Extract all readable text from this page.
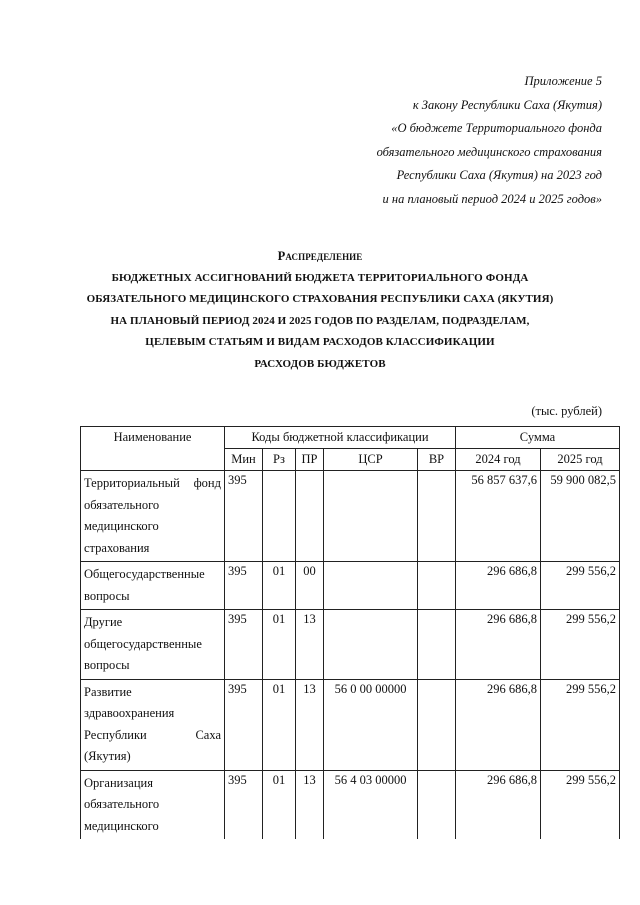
Приложение 5
к Закону Республики Саха (Якутия)
«О бюджете Территориального фонда
обязательного медицинского страхования
Республики Саха (Якутия) на 2023 год
и на плановый период 2024 и 2025 годов»
Распределение
БЮДЖЕТНЫХ АССИГНОВАНИЙ БЮДЖЕТА ТЕРРИТОРИАЛЬНОГО ФОНДА
ОБЯЗАТЕЛЬНОГО МЕДИЦИНСКОГО СТРАХОВАНИЯ РЕСПУБЛИКИ САХА (ЯКУТИЯ)
НА ПЛАНОВЫЙ ПЕРИОД 2024 И 2025 ГОДОВ ПО РАЗДЕЛАМ, ПОДРАЗДЕЛАМ,
ЦЕЛЕВЫМ СТАТЬЯМ И ВИДАМ РАСХОДОВ КЛАССИФИКАЦИИ
РАСХОДОВ БЮДЖЕТОВ
(тыс. рублей)
Наименование	Коды бюджетной классификации					Сумма	
	Мин	Рз	ПР	ЦСР	ВР	2024 год	2025 год
Территориальный фонд обязательного медицинского страхования	395					56 857 637,6	59 900 082,5
Общегосударственные вопросы	395	01	00			296 686,8	299 556,2
Другие общегосударственные вопросы	395	01	13			296 686,8	299 556,2
Развитие здравоохранения Республики Саха (Якутия)	395	01	13	56 0 00 00000		296 686,8	299 556,2
Организация обязательного медицинского	395	01	13	56 4 03 00000		296 686,8	299 556,2
